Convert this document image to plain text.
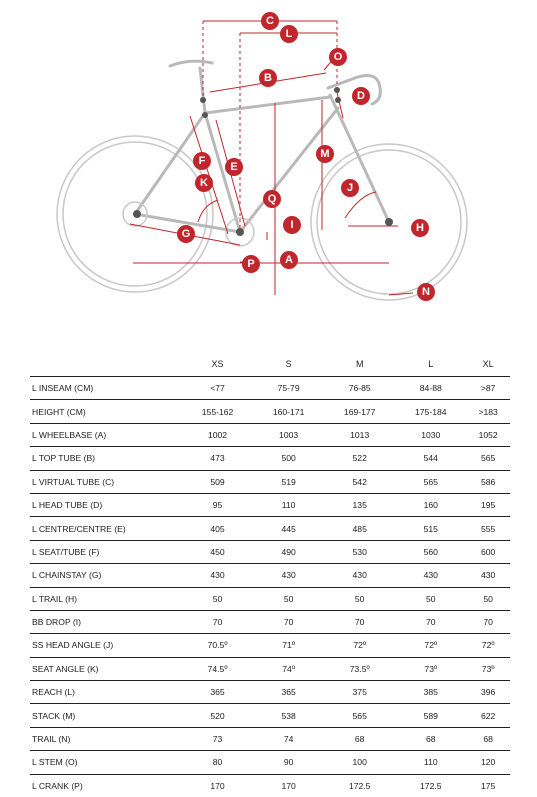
C
L
O
B
D
M
F E
K	J
Q
I	H
G
A
P
N
	XS	S	M	L	XL
L INSEAM (CM)	<77	75-79	76-85	84-88	>87
HEIGHT (CM)	155-162	160-171	169-177	175-184	>183
L WHEELBASE (A)	1002	1003	1013	1030	1052
L TOP TUBE (B)	473	500	522	544	565
L VIRTUAL TUBE (C)	509	519	542	565	586
L HEAD TUBE (D)	95	110	135	160	195
L CENTRE/CENTRE (E)	405	445	485	515	555
L SEAT/TUBE (F)	450	490	530	560	600
L CHAINSTAY (G)	430	430	430	430	430
L TRAIL (H)	50	50	50	50	50
BB DROP (I)	70	70	70	70	70
SS HEAD ANGLE (J)	70.5º	71º	72º	72º	72º
SEAT ANGLE (K)	74.5º	74º	73.5º	73º	73º
REACH (L)	365	365	375	385	396
STACK (M)	520	538	565	589	622
TRAIL (N)	73	74	68	68	68
L STEM (O)	80	90	100	110	120
L CRANK (P)	170	170	172.5	172.5	175
